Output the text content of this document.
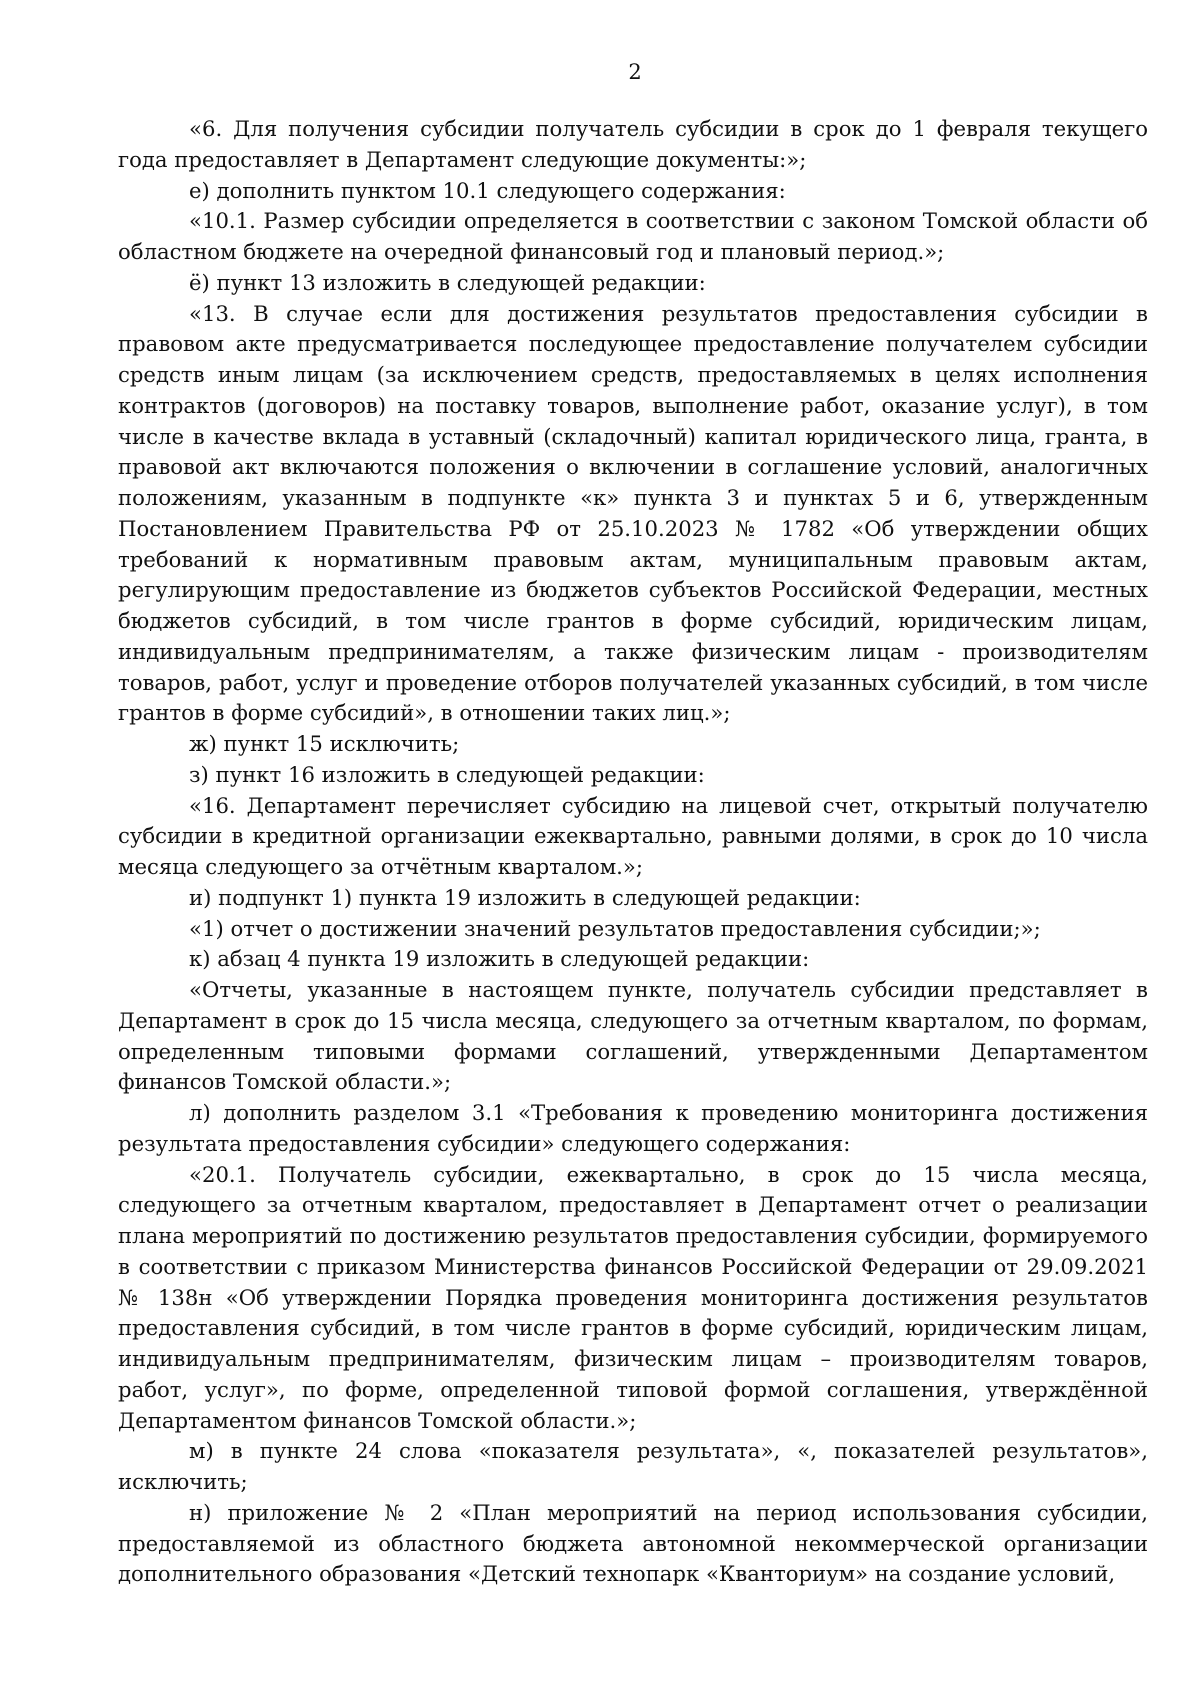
2

«6. Для получения субсидии получатель субсидии в срок до 1 февраля текущего года предоставляет в Департамент следующие документы:»;

е) дополнить пунктом 10.1 следующего содержания:

«10.1. Размер субсидии определяется в соответствии с законом Томской области об областном бюджете на очередной финансовый год и плановый период.»;

ё) пункт 13 изложить в следующей редакции:

«13. В случае если для достижения результатов предоставления субсидии в правовом акте предусматривается последующее предоставление получателем субсидии средств иным лицам (за исключением средств, предоставляемых в целях исполнения контрактов (договоров) на поставку товаров, выполнение работ, оказание услуг), в том числе в качестве вклада в уставный (складочный) капитал юридического лица, гранта, в правовой акт включаются положения о включении в соглашение условий, аналогичных положениям, указанным в подпункте «к» пункта 3 и пунктах 5 и 6, утвержденным Постановлением Правительства РФ от 25.10.2023 № 1782 «Об утверждении общих требований к нормативным правовым актам, муниципальным правовым актам, регулирующим предоставление из бюджетов субъектов Российской Федерации, местных бюджетов субсидий, в том числе грантов в форме субсидий, юридическим лицам, индивидуальным предпринимателям, а также физическим лицам - производителям товаров, работ, услуг и проведение отборов получателей указанных субсидий, в том числе грантов в форме субсидий», в отношении таких лиц.»;

ж) пункт 15 исключить;

з) пункт 16 изложить в следующей редакции:

«16. Департамент перечисляет субсидию на лицевой счет, открытый получателю субсидии в кредитной организации ежеквартально, равными долями, в срок до 10 числа месяца следующего за отчётным кварталом.»;

и) подпункт 1) пункта 19 изложить в следующей редакции:

«1) отчет о достижении значений результатов предоставления субсидии;»;

к) абзац 4 пункта 19 изложить в следующей редакции:

«Отчеты, указанные в настоящем пункте, получатель субсидии представляет в Департамент в срок до 15 числа месяца, следующего за отчетным кварталом, по формам, определенным типовыми формами соглашений, утвержденными Департаментом финансов Томской области.»;

л) дополнить разделом 3.1 «Требования к проведению мониторинга достижения результата предоставления субсидии» следующего содержания:

«20.1. Получатель субсидии, ежеквартально, в срок до 15 числа месяца, следующего за отчетным кварталом, предоставляет в Департамент отчет о реализации плана мероприятий по достижению результатов предоставления субсидии, формируемого в соответствии с приказом Министерства финансов Российской Федерации от 29.09.2021 № 138н «Об утверждении Порядка проведения мониторинга достижения результатов предоставления субсидий, в том числе грантов в форме субсидий, юридическим лицам, индивидуальным предпринимателям, физическим лицам – производителям товаров, работ, услуг», по форме, определенной типовой формой соглашения, утверждённой Департаментом финансов Томской области.»;

м) в пункте 24 слова «показателя результата», «, показателей результатов», исключить;

н) приложение № 2 «План мероприятий на период использования субсидии, предоставляемой из областного бюджета автономной некоммерческой организации дополнительного образования «Детский технопарк «Кванториум» на создание условий,
